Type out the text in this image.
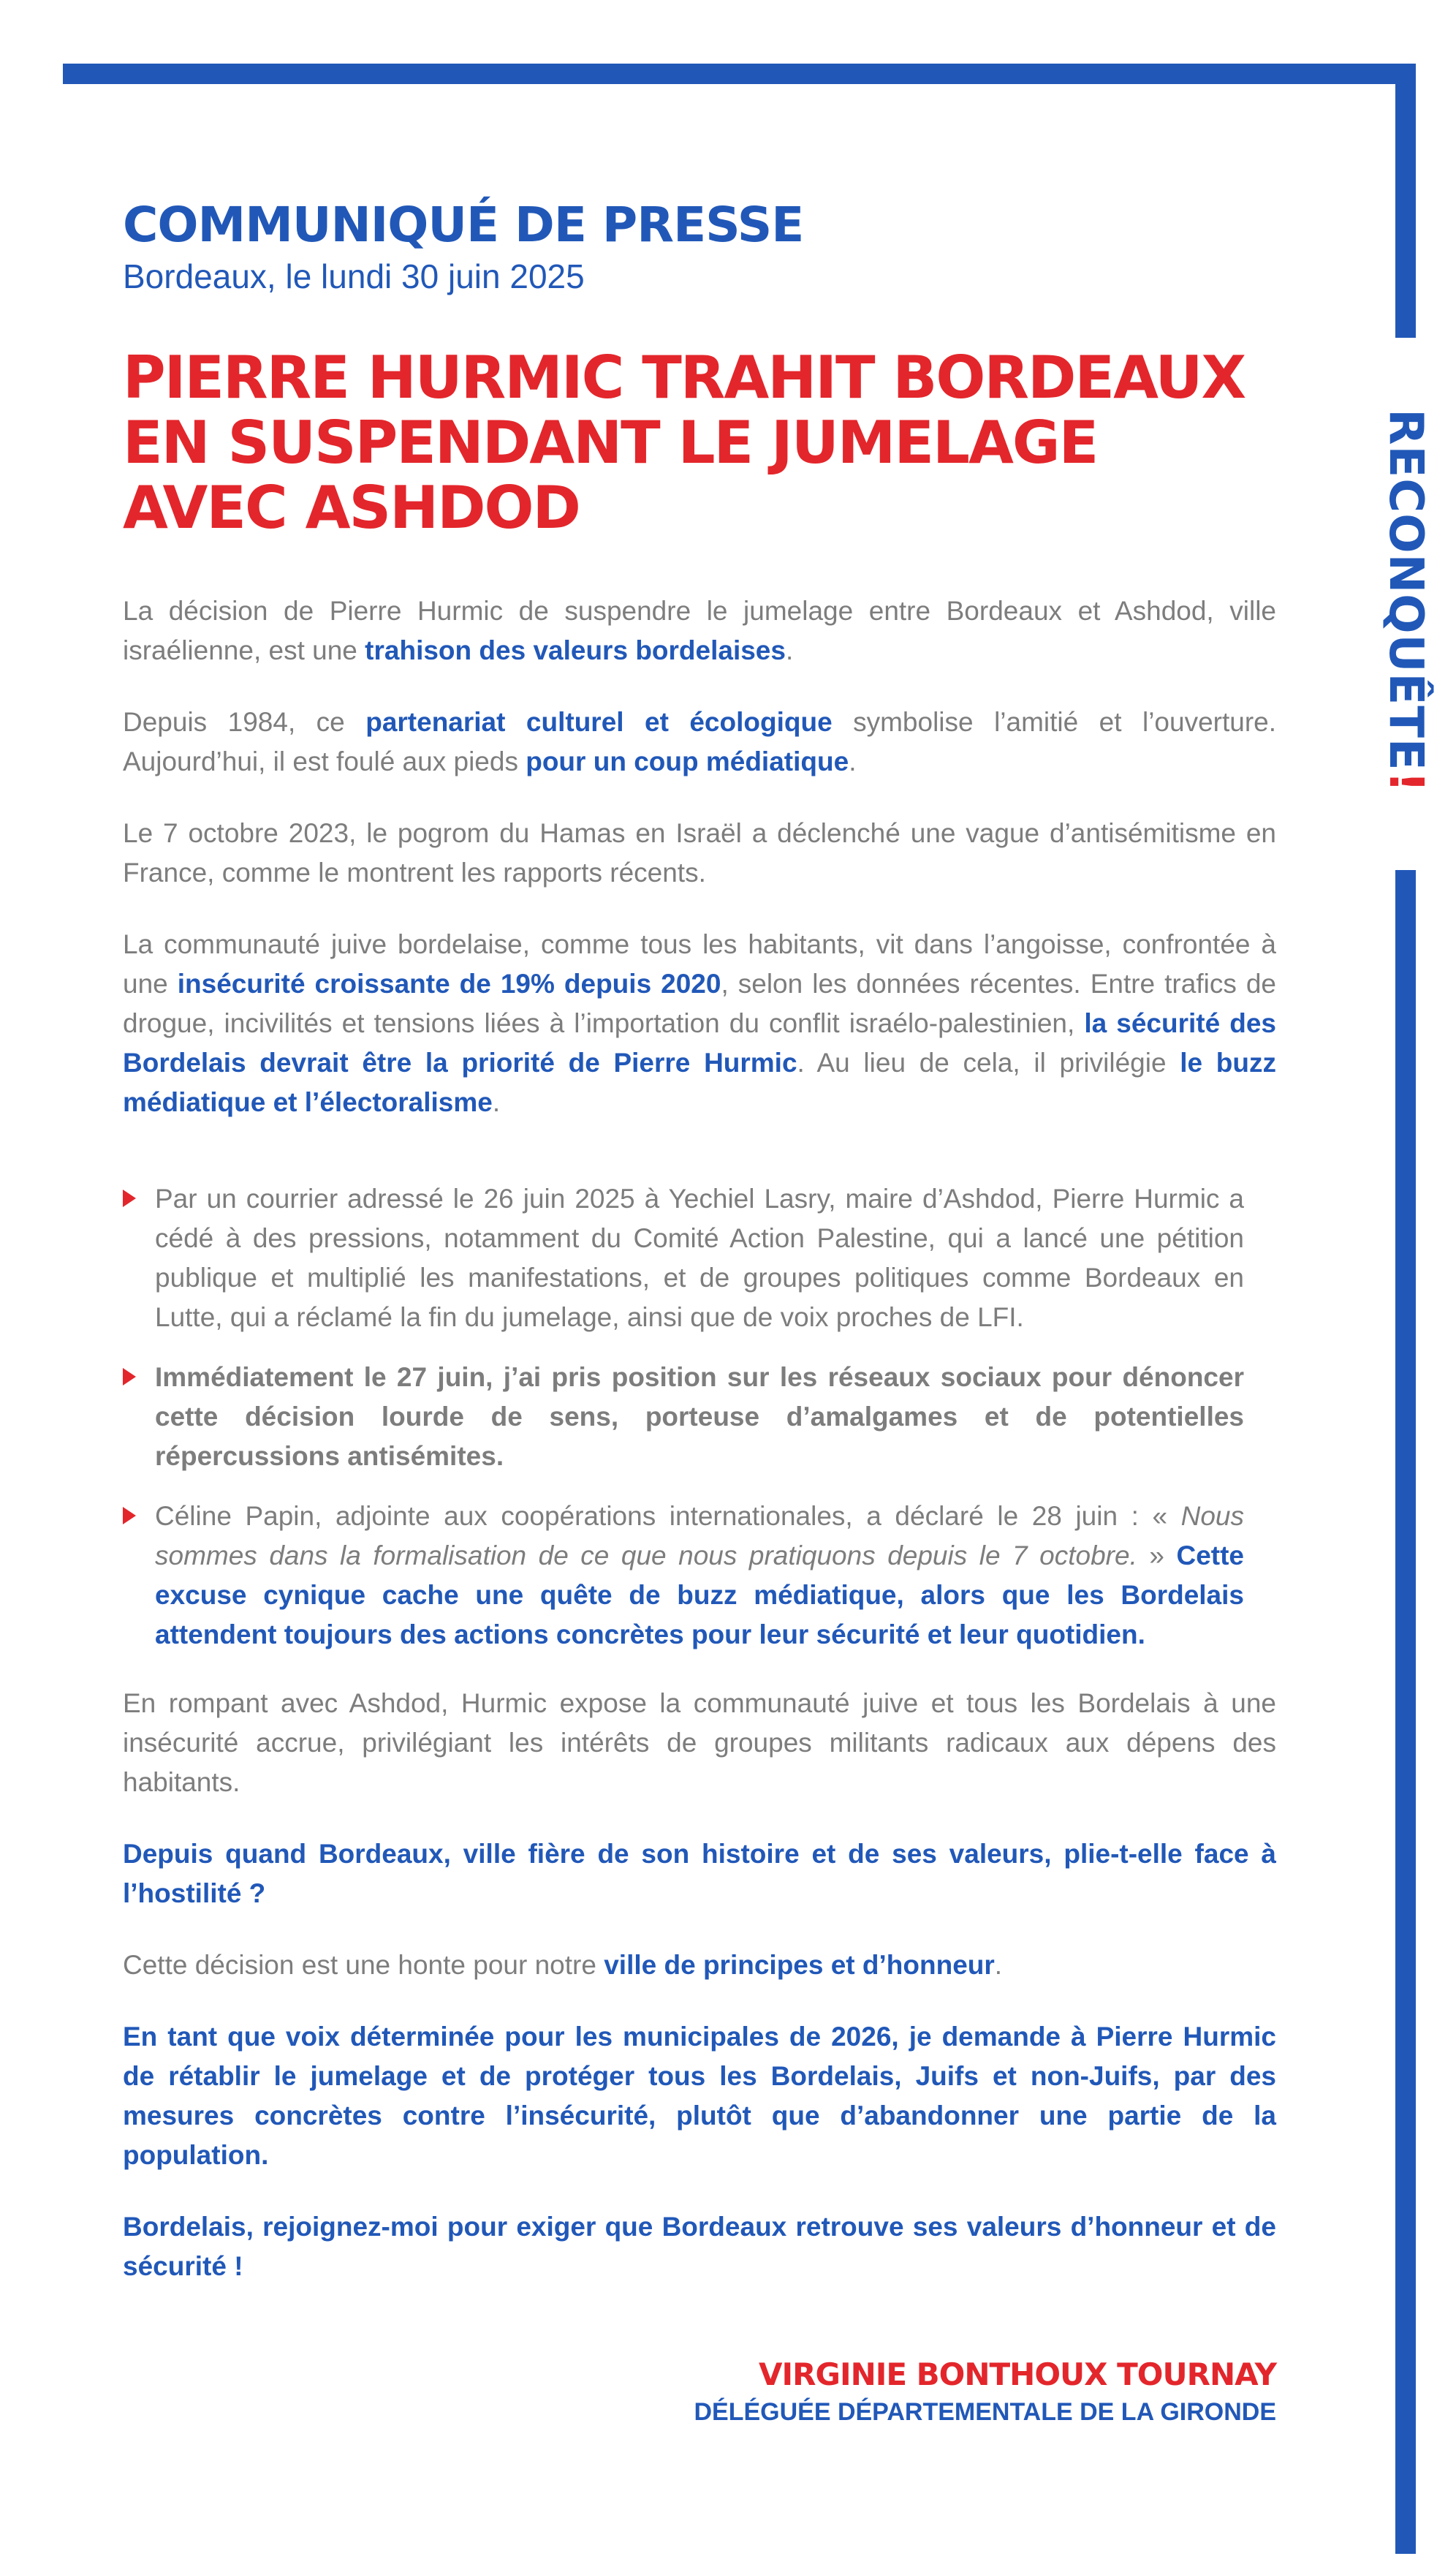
RECONQUÊTE!
COMMUNIQUÉ DE PRESSE

Bordeaux, le lundi 30 juin 2025

PIERRE HURMIC TRAHIT BORDEAUX EN SUSPENDANT LE JUMELAGE AVEC ASHDOD

La décision de Pierre Hurmic de suspendre le jumelage entre Bordeaux et Ashdod, ville israélienne, est une trahison des valeurs bordelaises.

Depuis 1984, ce partenariat culturel et écologique symbolise l’amitié et l’ouverture. Aujourd’hui, il est foulé aux pieds pour un coup médiatique.

Le 7 octobre 2023, le pogrom du Hamas en Israël a déclenché une vague d’antisémitisme en France, comme le montrent les rapports récents.

La communauté juive bordelaise, comme tous les habitants, vit dans l’angoisse, confrontée à une insécurité croissante de 19% depuis 2020, selon les données récentes. Entre trafics de drogue, incivilités et tensions liées à l’importation du conflit israélo-palestinien, la sécurité des Bordelais devrait être la priorité de Pierre Hurmic. Au lieu de cela, il privilégie le buzz médiatique et l’électoralisme.

Par un courrier adressé le 26 juin 2025 à Yechiel Lasry, maire d’Ashdod, Pierre Hurmic a cédé à des pressions, notamment du Comité Action Palestine, qui a lancé une pétition publique et multiplié les manifestations, et de groupes politiques comme Bordeaux en Lutte, qui a réclamé la fin du jumelage, ainsi que de voix proches de LFI.
Immédiatement le 27 juin, j’ai pris position sur les réseaux sociaux pour dénoncer cette décision lourde de sens, porteuse d’amalgames et de potentielles répercussions antisémites.
Céline Papin, adjointe aux coopérations internationales, a déclaré le 28 juin : « Nous sommes dans la formalisation de ce que nous pratiquons depuis le 7 octobre. » Cette excuse cynique cache une quête de buzz médiatique, alors que les Bordelais attendent toujours des actions concrètes pour leur sécurité et leur quotidien.

En rompant avec Ashdod, Hurmic expose la communauté juive et tous les Bordelais à une insécurité accrue, privilégiant les intérêts de groupes militants radicaux aux dépens des habitants.

Depuis quand Bordeaux, ville fière de son histoire et de ses valeurs, plie-t-elle face à l’hostilité ?

Cette décision est une honte pour notre ville de principes et d’honneur.

En tant que voix déterminée pour les municipales de 2026, je demande à Pierre Hurmic de rétablir le jumelage et de protéger tous les Bordelais, Juifs et non-Juifs, par des mesures concrètes contre l’insécurité, plutôt que d’abandonner une partie de la population.

Bordelais, rejoignez-moi pour exiger que Bordeaux retrouve ses valeurs d’honneur et de sécurité !

VIRGINIE BONTHOUX TOURNAY

DÉLÉGUÉE DÉPARTEMENTALE DE LA GIRONDE
